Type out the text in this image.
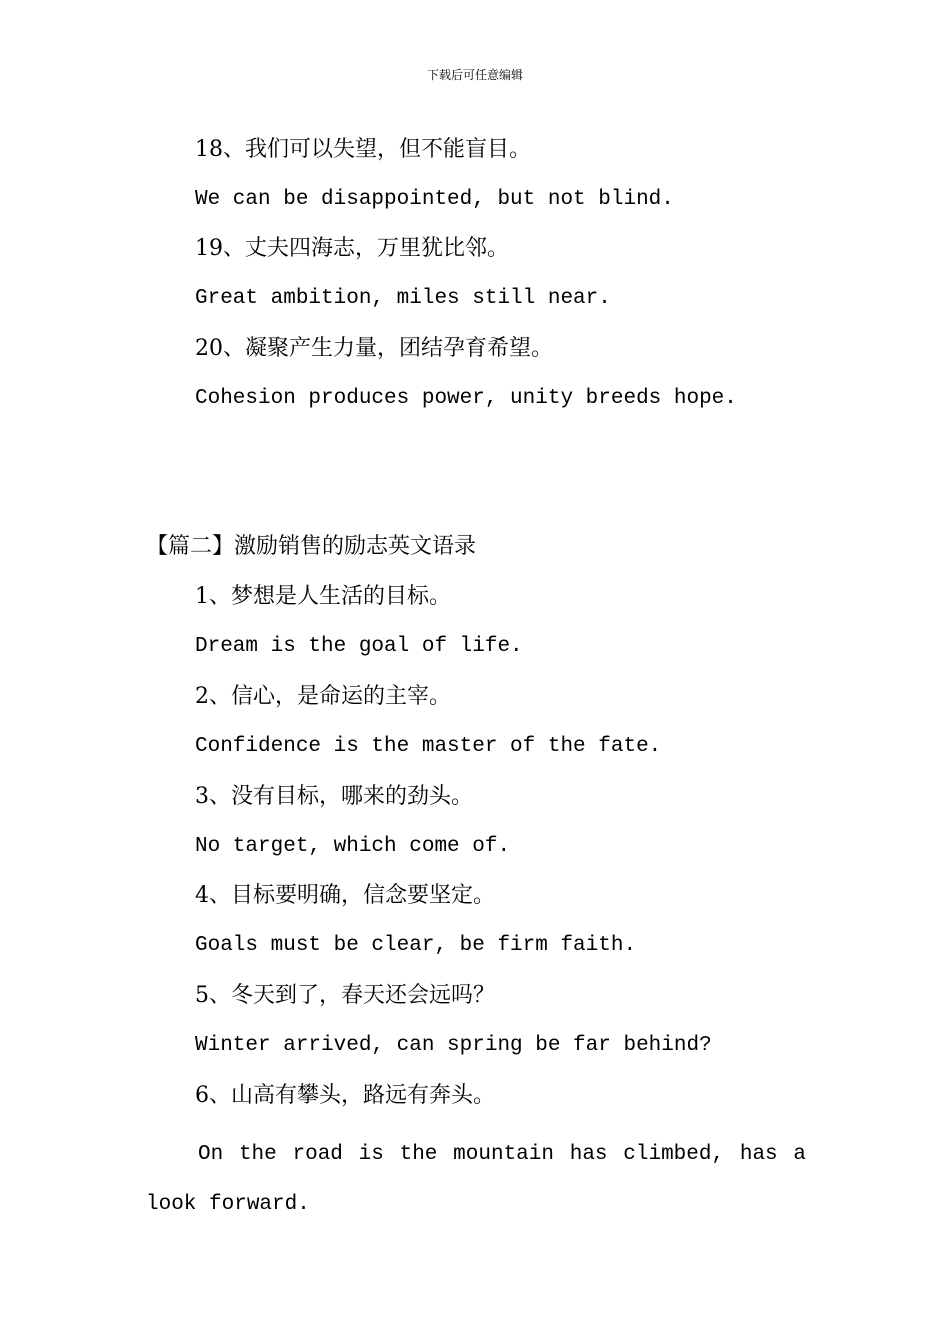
下载后可任意编辑
18、我们可以失望，但不能盲目。
We can be disappointed, but not blind.
19、丈夫四海志，万里犹比邻。
Great ambition, miles still near.
20、凝聚产生力量，团结孕育希望。
Cohesion produces power, unity breeds hope.
【篇二】激励销售的励志英文语录
1、梦想是人生活的目标。
Dream is the goal of life.
2、信心，是命运的主宰。
Confidence is the master of the fate.
3、没有目标，哪来的劲头。
No target, which come of.
4、目标要明确，信念要坚定。
Goals must be clear, be firm faith.
5、冬天到了，春天还会远吗？
Winter arrived, can spring be far behind?
6、山高有攀头，路远有奔头。
On the road is the mountain has climbed, has a look forward.
